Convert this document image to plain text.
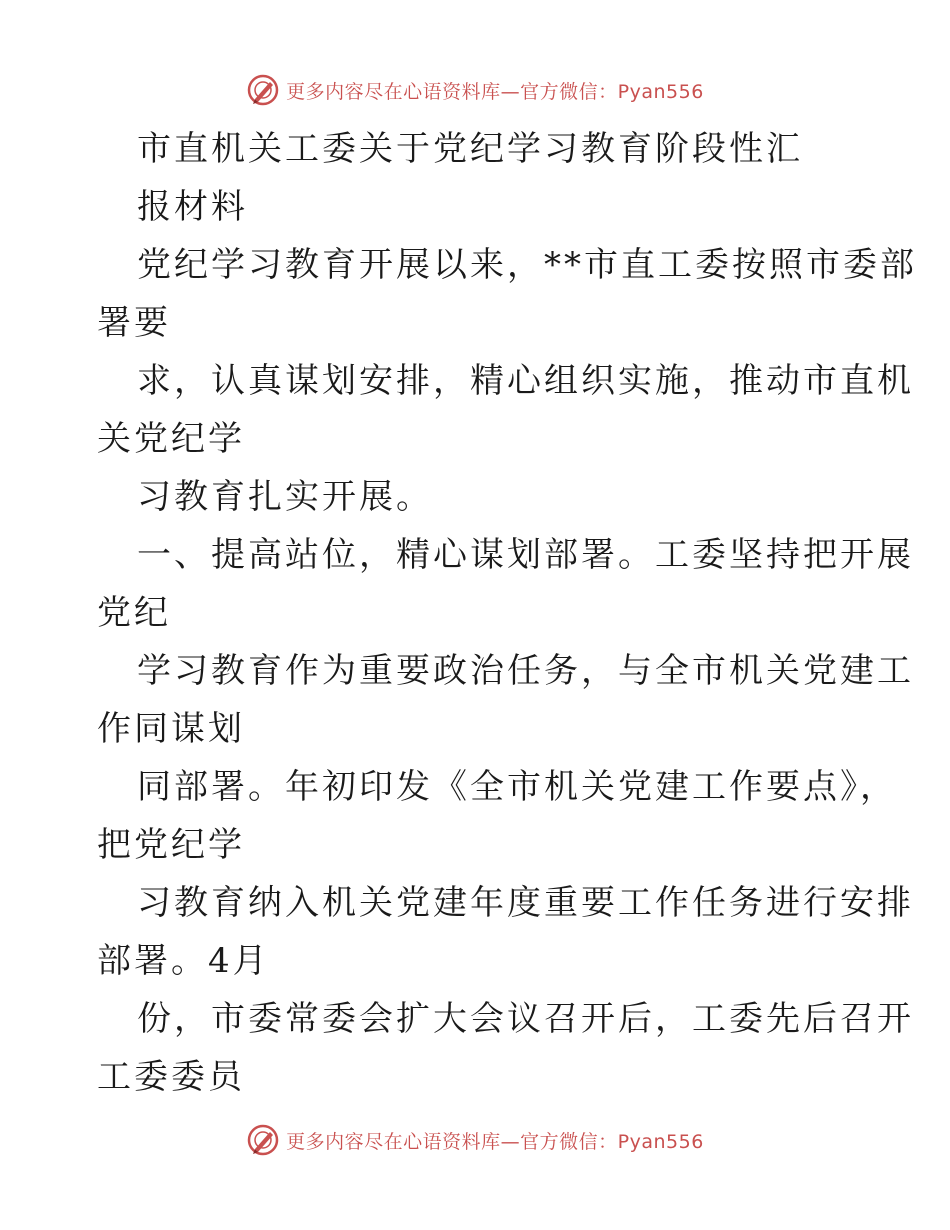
更多内容尽在心语资料库—官方微信：Pyan556
市直机关工委关于党纪学习教育阶段性汇
报材料
党纪学习教育开展以来，**市直工委按照市委部
署要
求，认真谋划安排，精心组织实施，推动市直机
关党纪学
习教育扎实开展。
一、提高站位，精心谋划部署。工委坚持把开展
党纪
学习教育作为重要政治任务，与全市机关党建工
作同谋划
同部署。年初印发《全市机关党建工作要点》，
把党纪学
习教育纳入机关党建年度重要工作任务进行安排
部署。4月
份，市委常委会扩大会议召开后，工委先后召开
工委委员
更多内容尽在心语资料库—官方微信：Pyan556
